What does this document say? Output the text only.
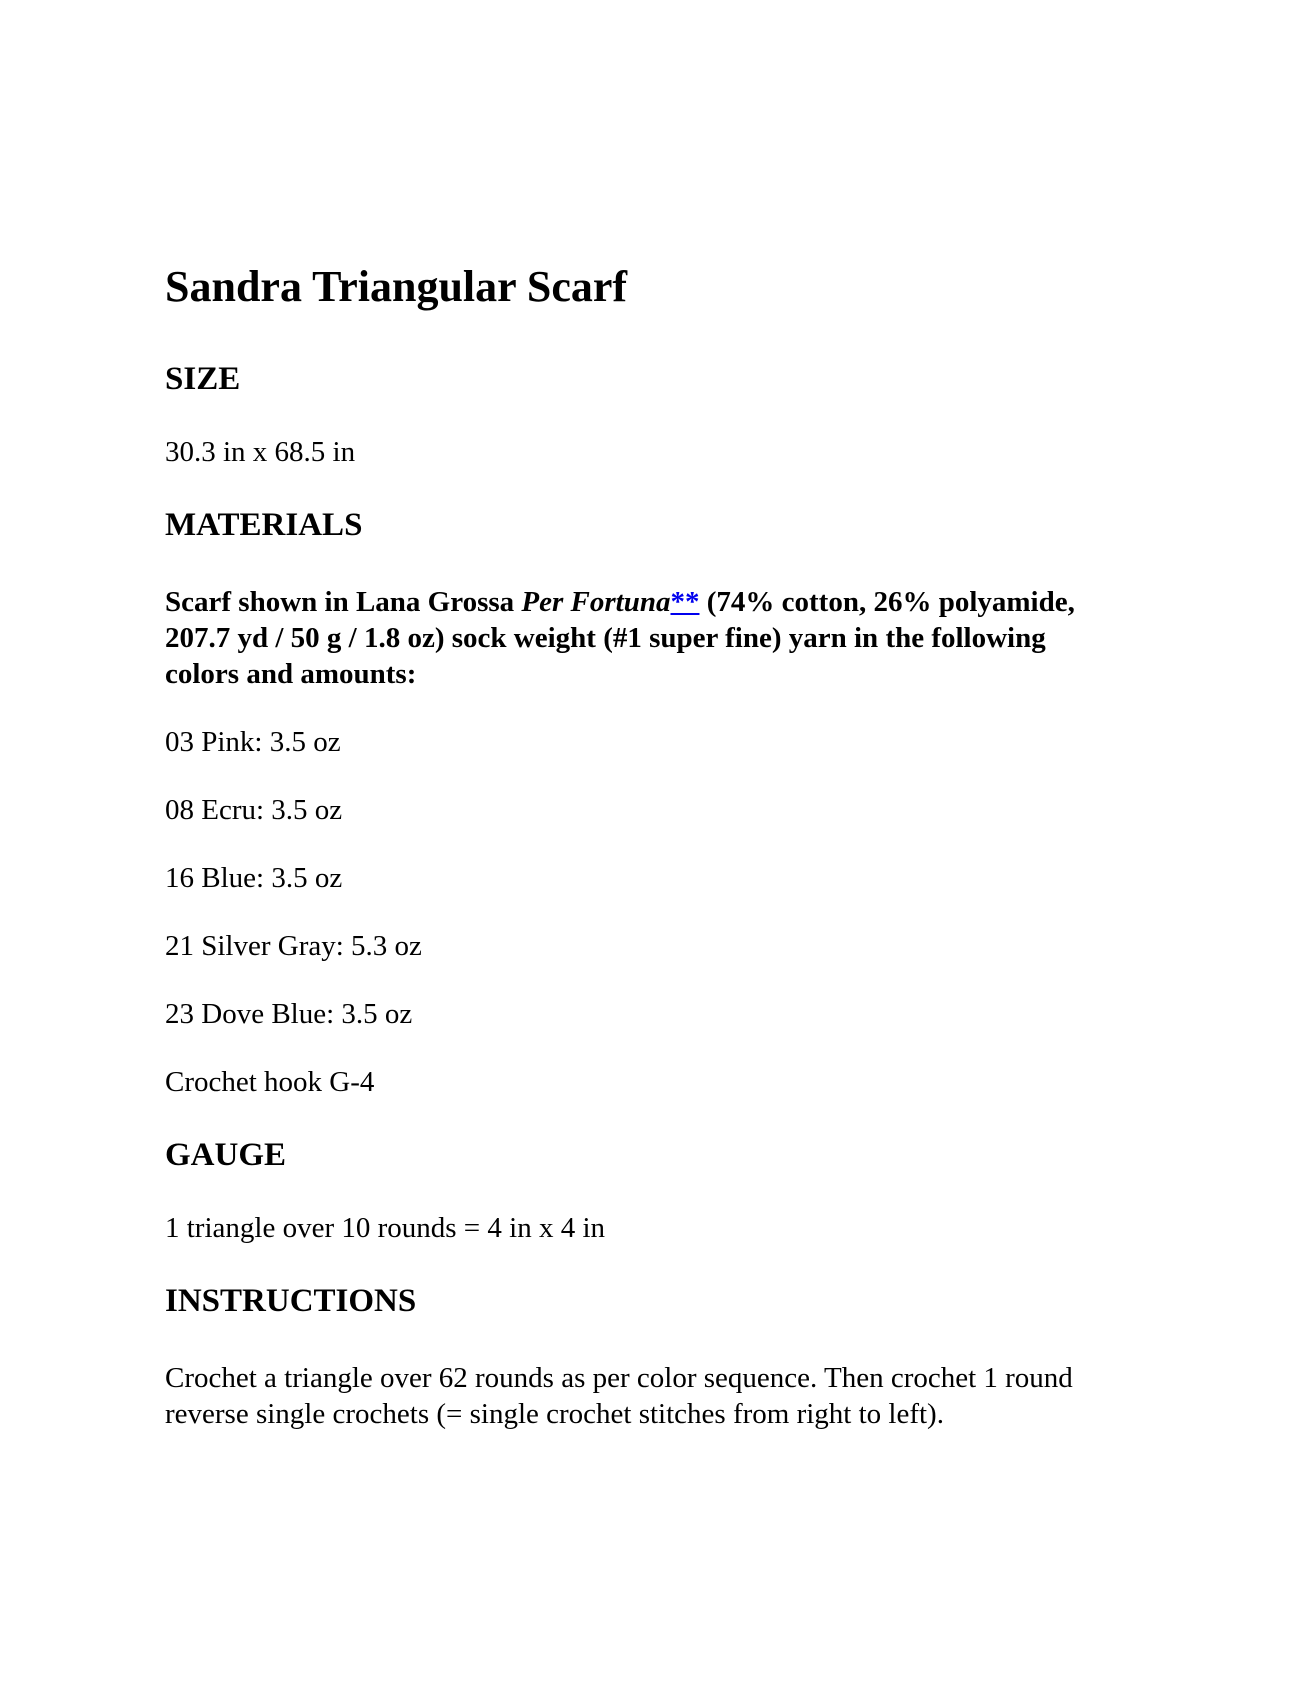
Sandra Triangular Scarf
SIZE

30.3 in x 68.5 in

MATERIALS

Scarf shown in Lana Grossa Per Fortuna** (74% cotton, 26% polyamide, 207.7 yd / 50 g / 1.8 oz) sock weight (#1 super fine) yarn in the following colors and amounts:

03 Pink: 3.5 oz

08 Ecru: 3.5 oz

16 Blue: 3.5 oz

21 Silver Gray: 5.3 oz

23 Dove Blue: 3.5 oz

Crochet hook G-4

GAUGE

1 triangle over 10 rounds = 4 in x 4 in

INSTRUCTIONS

Crochet a triangle over 62 rounds as per color sequence. Then crochet 1 round reverse single crochets (= single crochet stitches from right to left).
